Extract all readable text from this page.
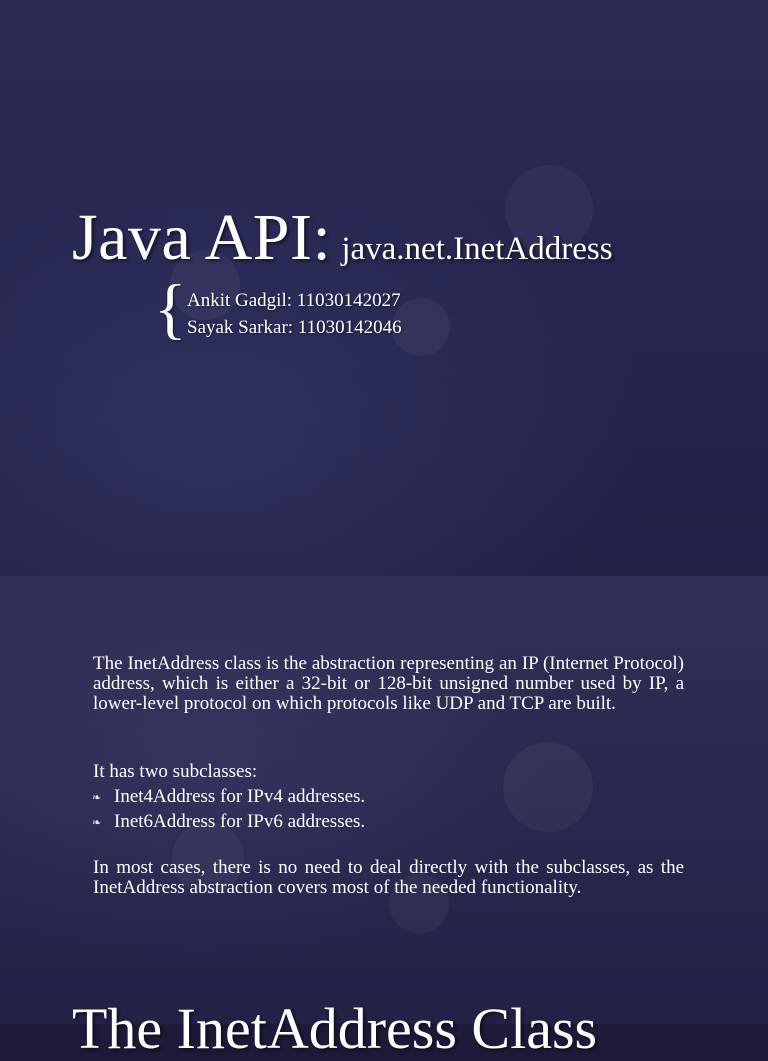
Java API: java.net.InetAddress
{ Ankit Gadgil: 11030142027
Sayak Sarkar: 11030142046
The InetAddress class is the abstraction representing an IP (Internet Protocol) address, which is either a 32-bit or 128-bit unsigned number used by IP, a lower-level protocol on which protocols like UDP and TCP are built.
It has two subclasses:
❧ Inet4Address for IPv4 addresses.
❧ Inet6Address for IPv6 addresses.
In most cases, there is no need to deal directly with the subclasses, as the InetAddress abstraction covers most of the needed functionality.
The InetAddress Class
